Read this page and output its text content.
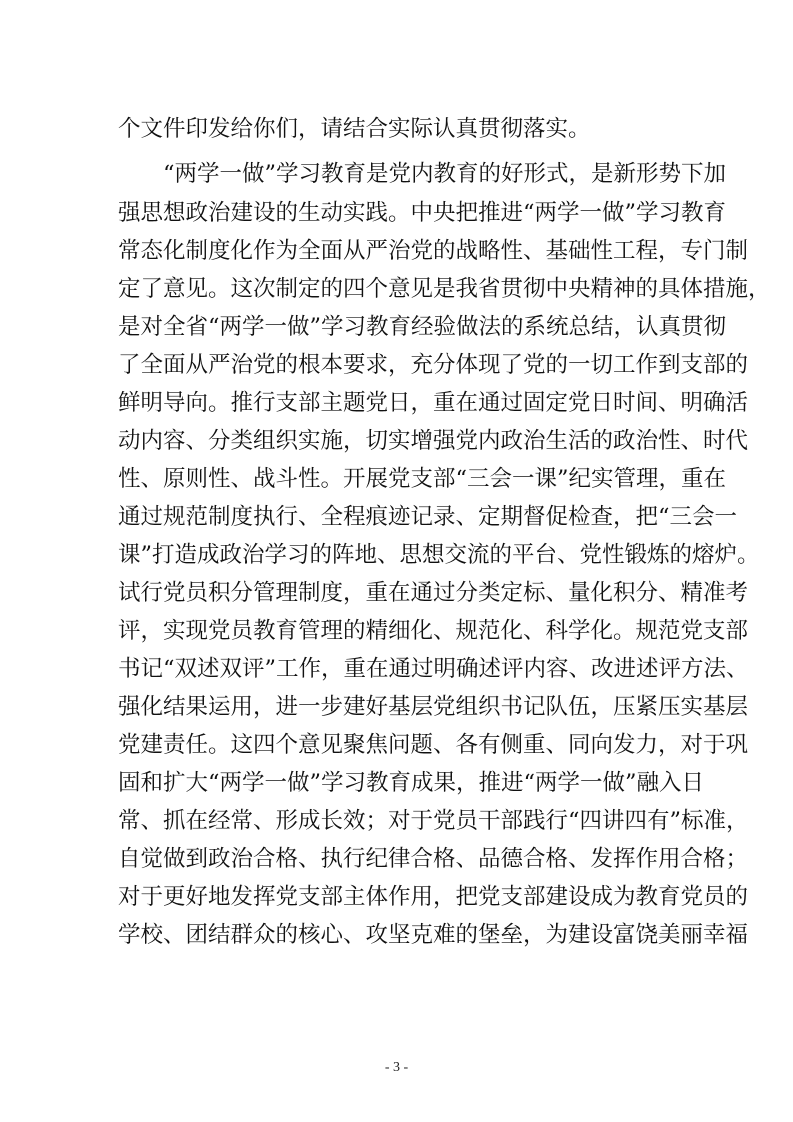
个文件印发给你们，请结合实际认真贯彻落实。
“两学一做”学习教育是党内教育的好形式，是新形势下加
强思想政治建设的生动实践。中央把推进“两学一做”学习教育
常态化制度化作为全面从严治党的战略性、基础性工程，专门制
定了意见。这次制定的四个意见是我省贯彻中央精神的具体措施，
是对全省“两学一做”学习教育经验做法的系统总结，认真贯彻
了全面从严治党的根本要求，充分体现了党的一切工作到支部的
鲜明导向。推行支部主题党日，重在通过固定党日时间、明确活
动内容、分类组织实施，切实增强党内政治生活的政治性、时代
性、原则性、战斗性。开展党支部“三会一课”纪实管理，重在
通过规范制度执行、全程痕迹记录、定期督促检查，把“三会一
课”打造成政治学习的阵地、思想交流的平台、党性锻炼的熔炉。
试行党员积分管理制度，重在通过分类定标、量化积分、精准考
评，实现党员教育管理的精细化、规范化、科学化。规范党支部
书记“双述双评”工作，重在通过明确述评内容、改进述评方法、
强化结果运用，进一步建好基层党组织书记队伍，压紧压实基层
党建责任。这四个意见聚焦问题、各有侧重、同向发力，对于巩
固和扩大“两学一做”学习教育成果，推进“两学一做”融入日
常、抓在经常、形成长效；对于党员干部践行“四讲四有”标准，
自觉做到政治合格、执行纪律合格、品德合格、发挥作用合格；
对于更好地发挥党支部主体作用，把党支部建设成为教育党员的
学校、团结群众的核心、攻坚克难的堡垒，为建设富饶美丽幸福
- 3 -
